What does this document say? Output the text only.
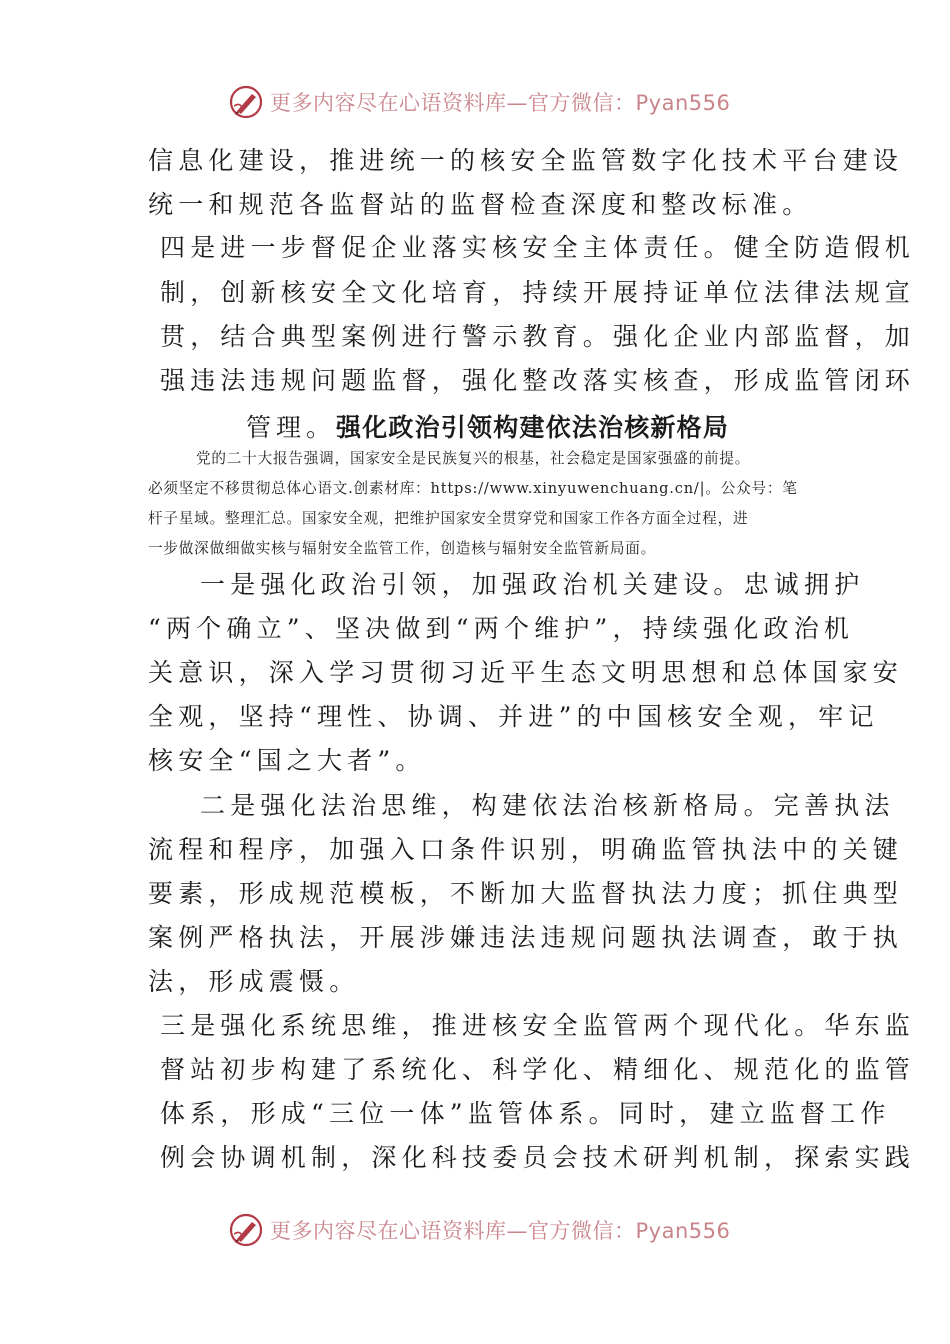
更多内容尽在心语资料库—官方微信：Pyan556
信息化建设，推进统一的核安全监管数字化技术平台建设
统一和规范各监督站的监督检查深度和整改标准。
四是进一步督促企业落实核安全主体责任。健全防造假机
制，创新核安全文化培育，持续开展持证单位法律法规宣
贯，结合典型案例进行警示教育。强化企业内部监督，加
强违法违规问题监督，强化整改落实核查，形成监管闭环
管理。强化政治引领构建依法治核新格局
党的二十大报告强调，国家安全是民族复兴的根基，社会稳定是国家强盛的前提。
必须坚定不移贯彻总体心语文.创素材库：https://www.xinyuwenchuang.cn/|。公众号：笔
杆子星域。整理汇总。国家安全观，把维护国家安全贯穿党和国家工作各方面全过程，进
一步做深做细做实核与辐射安全监管工作，创造核与辐射安全监管新局面。
一是强化政治引领，加强政治机关建设。忠诚拥护
“两个确立”、坚决做到“两个维护”，持续强化政治机
关意识，深入学习贯彻习近平生态文明思想和总体国家安
全观，坚持“理性、协调、并进”的中国核安全观，牢记
核安全“国之大者”。
二是强化法治思维，构建依法治核新格局。完善执法
流程和程序，加强入口条件识别，明确监管执法中的关键
要素，形成规范模板，不断加大监督执法力度；抓住典型
案例严格执法，开展涉嫌违法违规问题执法调查，敢于执
法，形成震慑。
三是强化系统思维，推进核安全监管两个现代化。华东监
督站初步构建了系统化、科学化、精细化、规范化的监管
体系，形成“三位一体”监管体系。同时，建立监督工作
例会协调机制，深化科技委员会技术研判机制，探索实践
更多内容尽在心语资料库—官方微信：Pyan556
